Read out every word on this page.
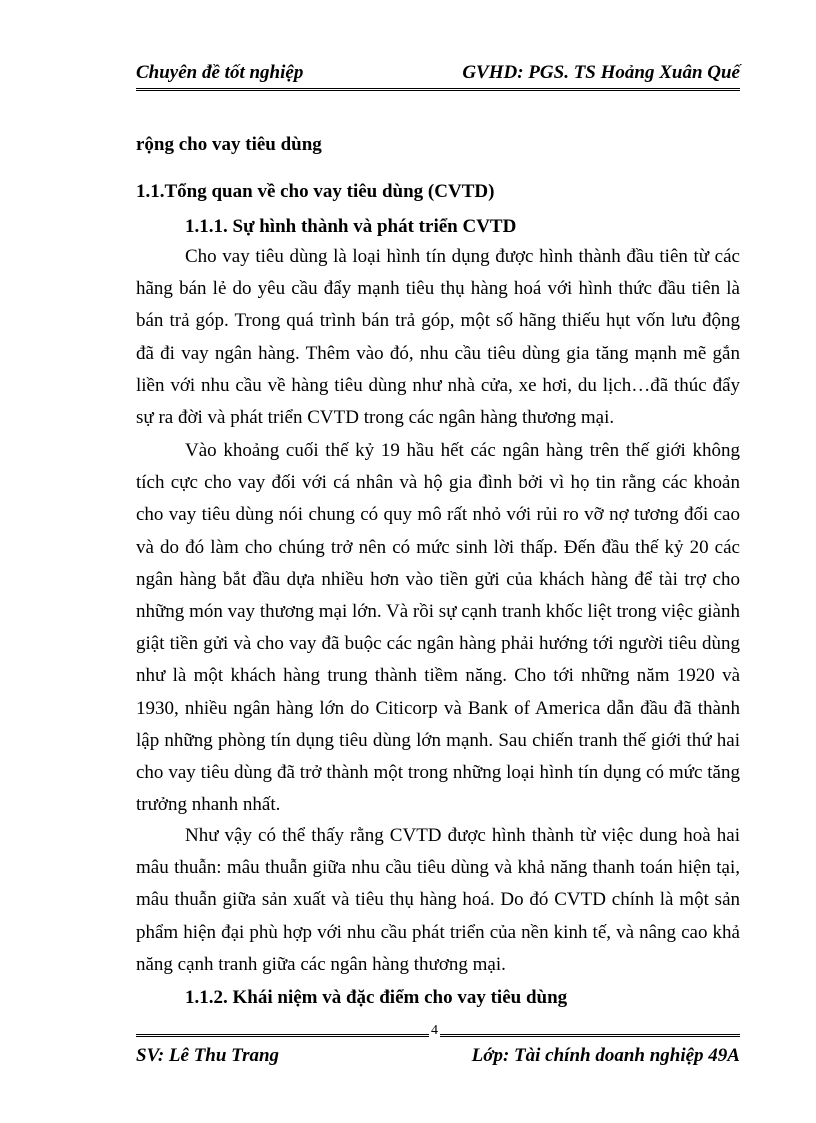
Chuyên đề tốt nghiệp	GVHD: PGS. TS Hoảng Xuân Quế
rộng cho vay tiêu dùng
1.1.Tổng quan về cho vay tiêu dùng (CVTD)
1.1.1. Sự hình thành và phát triển CVTD
Cho vay tiêu dùng là loại hình tín dụng được hình thành đầu tiên từ các hãng bán lẻ do yêu cầu đẩy mạnh tiêu thụ hàng hoá với hình thức đầu tiên là bán trả góp. Trong quá trình bán trả góp, một số hãng thiếu hụt vốn lưu động đã đi vay ngân hàng. Thêm vào đó, nhu cầu tiêu dùng gia tăng mạnh mẽ gắn liền với nhu cầu về hàng tiêu dùng như nhà cửa, xe hơi, du lịch…đã thúc đẩy sự ra đời và phát triển CVTD trong các ngân hàng thương mại.
Vào khoảng cuối thế kỷ 19 hầu hết các ngân hàng trên thế giới không tích cực cho vay đối với cá nhân và hộ gia đình bởi vì họ tin rằng các khoản cho vay tiêu dùng nói chung có quy mô rất nhỏ với rủi ro vỡ nợ tương đối cao và do đó làm cho chúng trở nên có mức sinh lời thấp. Đến đầu thế kỷ 20 các ngân hàng bắt đầu dựa nhiều hơn vào tiền gửi của khách hàng để tài trợ cho những món vay thương mại lớn. Và rồi sự cạnh tranh khốc liệt trong việc giành giật tiền gửi và cho vay đã buộc các ngân hàng phải hướng tới người tiêu dùng như là một khách hàng trung thành tiềm năng. Cho tới những năm 1920 và 1930, nhiều ngân hàng lớn do Citicorp và Bank of America dẫn đầu đã thành lập những phòng tín dụng tiêu dùng lớn mạnh. Sau chiến tranh thế giới thứ hai cho vay tiêu dùng đã trở thành một trong những loại hình tín dụng có mức tăng trưởng nhanh nhất.
Như vậy có thể thấy rằng CVTD được hình thành từ việc dung hoà hai mâu thuẫn: mâu thuẫn giữa nhu cầu tiêu dùng và khả năng thanh toán hiện tại, mâu thuẫn giữa sản xuất và tiêu thụ hàng hoá. Do đó CVTD chính là một sản phẩm hiện đại phù hợp với nhu cầu phát triển của nền kinh tế, và nâng cao khả năng cạnh tranh giữa các ngân hàng thương mại.
1.1.2. Khái niệm và đặc điểm cho vay tiêu dùng
4
SV: Lê Thu Trang	Lớp: Tài chính doanh nghiệp 49A
